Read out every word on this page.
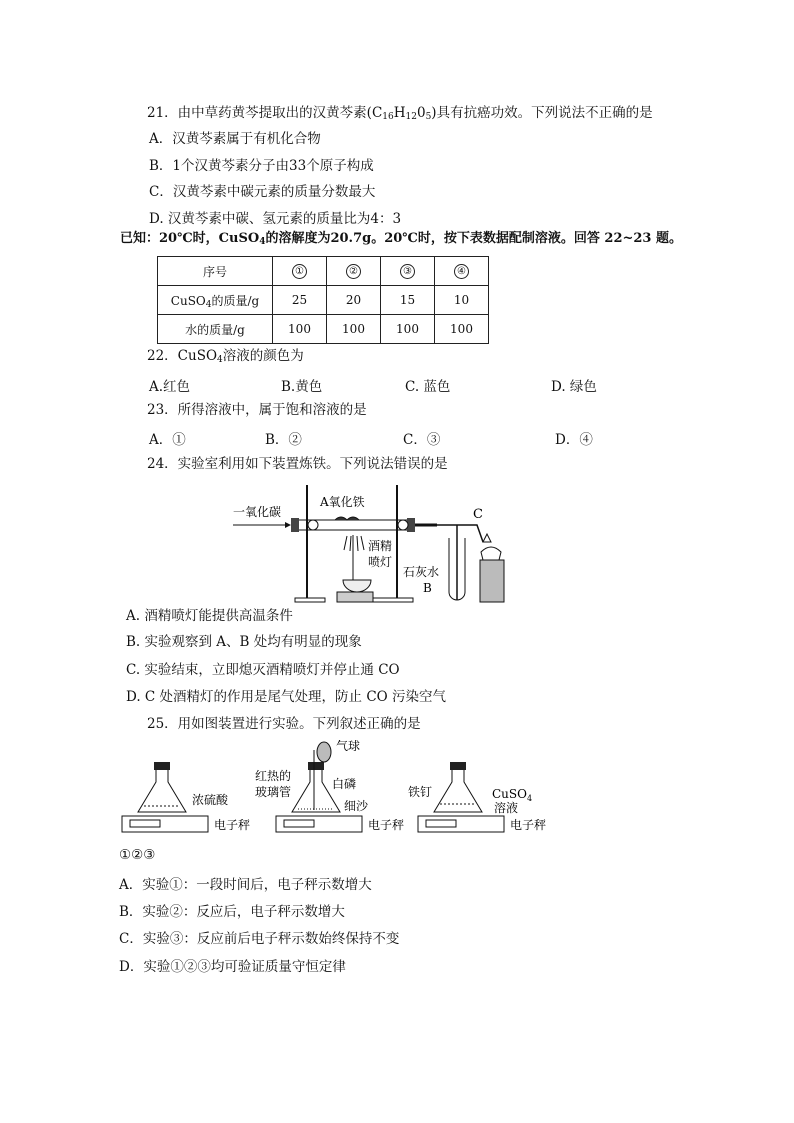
21．由中草药黄芩提取出的汉黄芩素$(C_{16}H_{12}0_5)$具有抗癌功效。下列说法不正确的是
A．汉黄芩素属于有机化合物
B．1个汉黄芩素分子由33个原子构成
C．汉黄芩素中碳元素的质量分数最大
D. 汉黄芩素中碳、氢元素的质量比为4：3
已知：20℃时，CuSO$_4$的溶解度为20.7g。20℃时，按下表数据配制溶液。回答 22~23 题。
序号	①	②	③	④
CuSO$_4$的质量/g	25	20	15	10
水的质量/g	100	100	100	100
22．CuSO$_4$溶液的颜色为
A.红色	B.黄色	C. 蓝色	D. 绿色
23．所得溶液中，属于饱和溶液的是
A．①	B．②	C．③	D．④
24．实验室利用如下装置炼铁。下列说法错误的是
一氧化碳
A氧化铁
酒精
喷灯
石灰水
B
C
A. 酒精喷灯能提供高温条件
B. 实验观察到 A、B 处均有明显的现象
C. 实验结束，立即熄灭酒精喷灯并停止通 CO
D. C 处酒精灯的作用是尾气处理，防止 CO 污染空气
25．用如图装置进行实验。下列叙述正确的是
浓硫酸
电子秤
气球
红热的
玻璃管
白磷
细沙
电子秤
铁钉	CuSO$_4$
溶液
电子秤
①②③
A．实验①：一段时间后，电子秤示数增大
B．实验②：反应后，电子秤示数增大
C．实验③：反应前后电子秤示数始终保持不变
D．实验①②③均可验证质量守恒定律
